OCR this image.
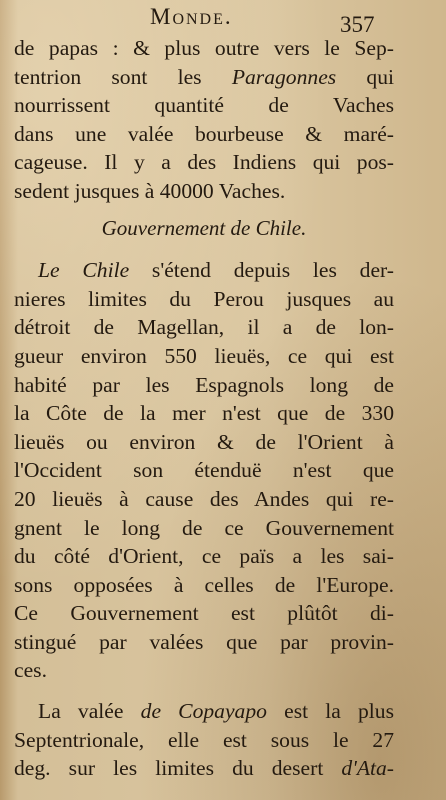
Monde.	357
de papas : & plus outre vers le Sep-
tentrion sont les Paragonnes qui
nourrissent quantité de Vaches
dans une valée bourbeuse & maré-
cageuse. Il y a des Indiens qui pos-
sedent jusques à 40000 Vaches.
Gouvernement de Chile.
Le Chile s'étend depuis les der-
nieres limites du Perou jusques au
détroit de Magellan, il a de lon-
gueur environ 550 lieuës, ce qui est
habité par les Espagnols long de
la Côte de la mer n'est que de 330
lieuës ou environ & de l'Orient à
l'Occident son étenduë n'est que
20 lieuës à cause des Andes qui re-
gnent le long de ce Gouvernement
du côté d'Orient, ce païs a les sai-
sons opposées à celles de l'Europe.
Ce Gouvernement est plûtôt di-
stingué par valées que par provin-
ces.
La valée de Copayapo est la plus
Septentrionale, elle est sous le 27
deg. sur les limites du desert d'Ata-
